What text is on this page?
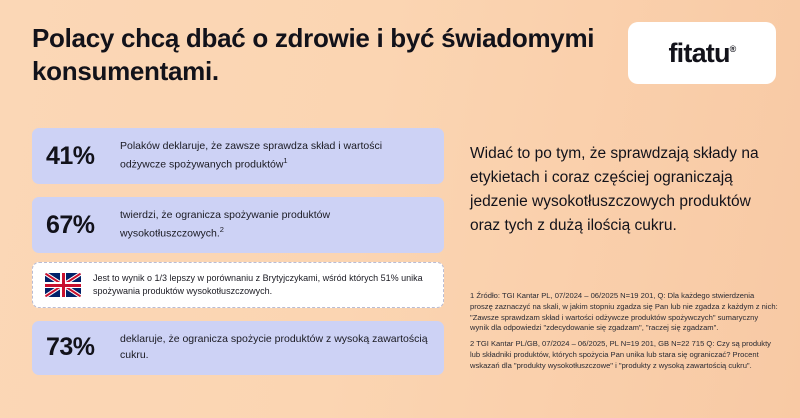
Polacy chcą dbać o zdrowie i być świadomymi konsumentami.
fitatu®
41%	Polaków deklaruje, że zawsze sprawdza skład i wartości odżywcze spożywanych produktów$^1$
67%	twierdzi, że ogranicza spożywanie produktów wysokotłuszczowych.$^2$
Jest to wynik o 1/3 lepszy w porównaniu z Brytyjczykami, wśród których 51% unika spożywania produktów wysokotłuszczowych.
73%	deklaruje, że ogranicza spożycie produktów z wysoką zawartością cukru.
Widać to po tym, że sprawdzają składy na etykietach i coraz częściej ograniczają jedzenie wysokotłuszczowych produktów oraz tych z dużą ilością cukru.

1 Źródło: TGI Kantar PL, 07/2024 – 06/2025 N=19 201, Q: Dla każdego stwierdzenia proszę zaznaczyć na skali, w jakim stopniu zgadza się Pan lub nie zgadza z każdym z nich: "Zawsze sprawdzam skład i wartości odżywcze produktów spożywczych" sumaryczny wynik dla odpowiedzi "zdecydowanie się zgadzam", "raczej się zgadzam".

2 TGI Kantar PL/GB, 07/2024 – 06/2025, PL N=19 201, GB N=22 715 Q: Czy są produkty lub składniki produktów, których spożycia Pan unika lub stara się ograniczać? Procent wskazań dla "produkty wysokotłuszczowe" i "produkty z wysoką zawartością cukru".
